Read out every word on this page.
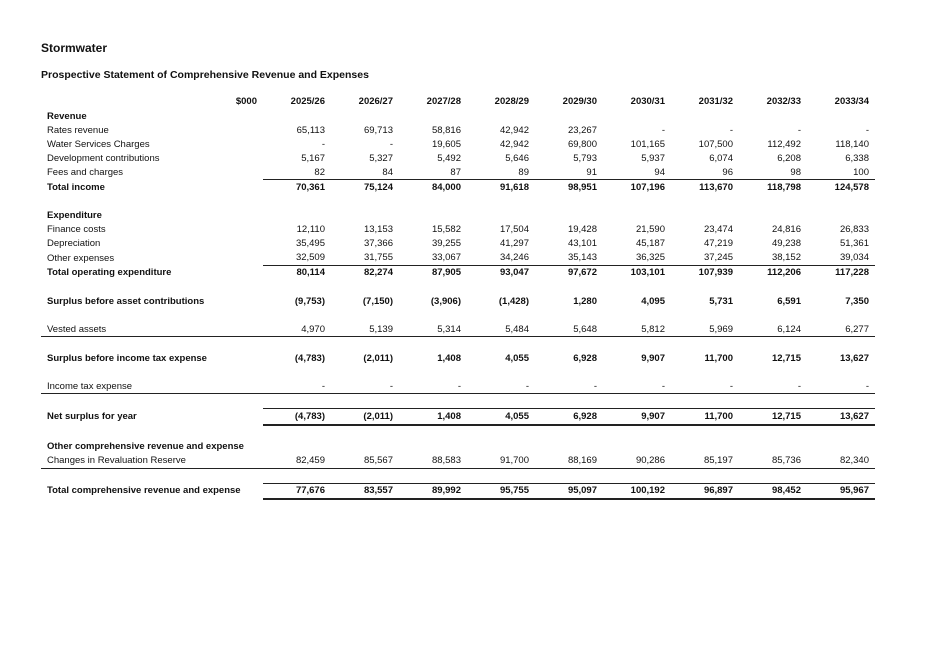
Stormwater
Prospective Statement of Comprehensive Revenue and Expenses
	$000	2025/26	2026/27	2027/28	2028/29	2029/30	2030/31	2031/32	2032/33	2033/34
Revenue										
Rates revenue		65,113	69,713	58,816	42,942	23,267	-	-	-	-
Water Services Charges		-	-	19,605	42,942	69,800	101,165	107,500	112,492	118,140
Development contributions		5,167	5,327	5,492	5,646	5,793	5,937	6,074	6,208	6,338
Fees and charges		82	84	87	89	91	94	96	98	100
Total income		70,361	75,124	84,000	91,618	98,951	107,196	113,670	118,798	124,578

Expenditure										
Finance costs		12,110	13,153	15,582	17,504	19,428	21,590	23,474	24,816	26,833
Depreciation		35,495	37,366	39,255	41,297	43,101	45,187	47,219	49,238	51,361
Other expenses		32,509	31,755	33,067	34,246	35,143	36,325	37,245	38,152	39,034
Total operating expenditure		80,114	82,274	87,905	93,047	97,672	103,101	107,939	112,206	117,228

Surplus before asset contributions		(9,753)	(7,150)	(3,906)	(1,428)	1,280	4,095	5,731	6,591	7,350

Vested assets		4,970	5,139	5,314	5,484	5,648	5,812	5,969	6,124	6,277

Surplus before income tax expense		(4,783)	(2,011)	1,408	4,055	6,928	9,907	11,700	12,715	13,627

Income tax expense		-	-	-	-	-	-	-	-	-

Net surplus for year		(4,783)	(2,011)	1,408	4,055	6,928	9,907	11,700	12,715	13,627

Other comprehensive revenue and expense										
Changes in Revaluation Reserve		82,459	85,567	88,583	91,700	88,169	90,286	85,197	85,736	82,340

Total comprehensive revenue and expense		77,676	83,557	89,992	95,755	95,097	100,192	96,897	98,452	95,967
